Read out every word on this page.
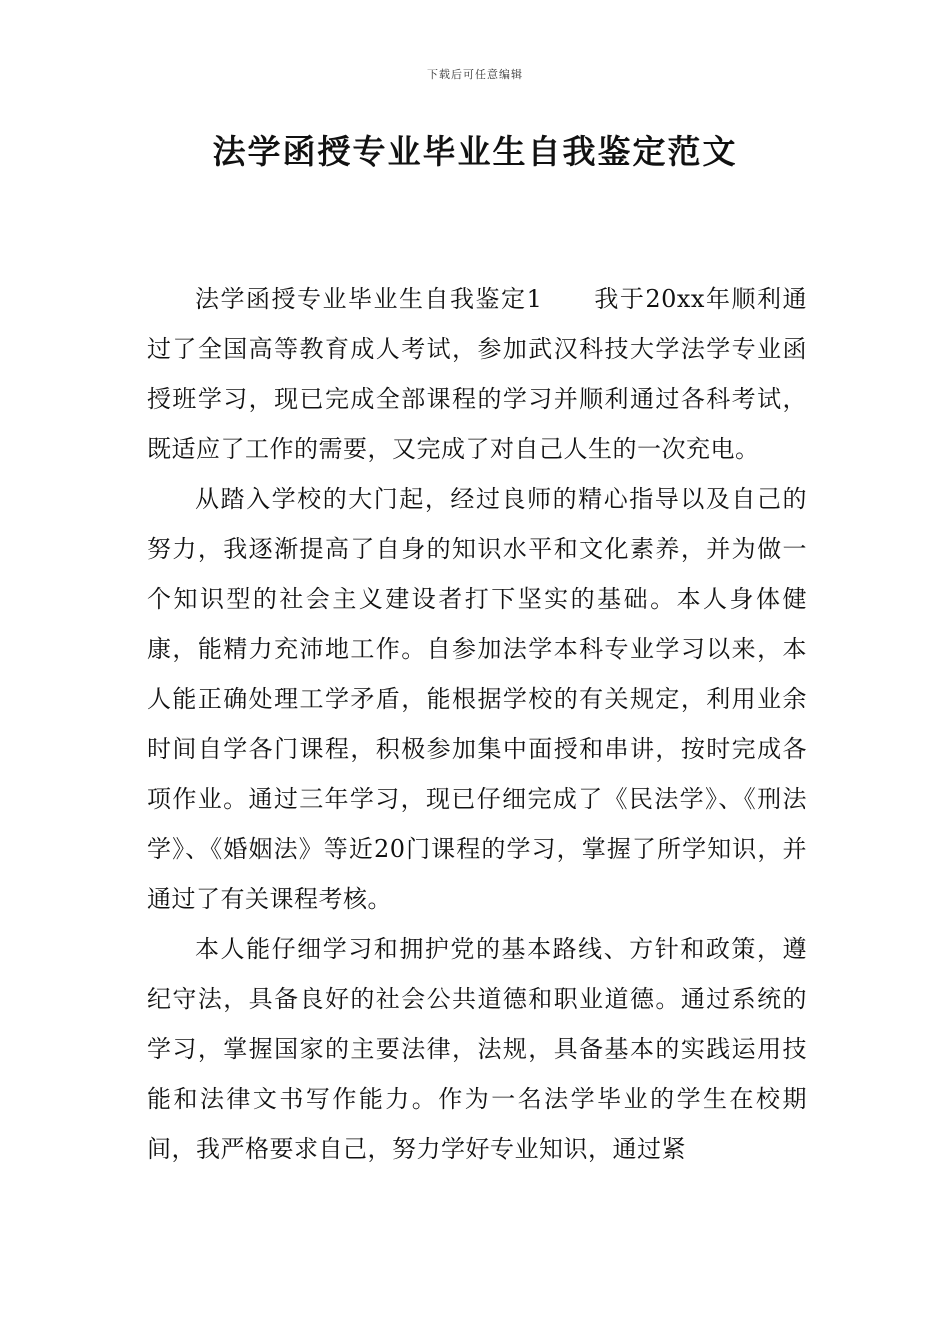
下载后可任意编辑
法学函授专业毕业生自我鉴定范文

法学函授专业毕业生自我鉴定1　　我于20xx年顺利通过了全国高等教育成人考试，参加武汉科技大学法学专业函授班学习，现已完成全部课程的学习并顺利通过各科考试，既适应了工作的需要，又完成了对自己人生的一次充电。

从踏入学校的大门起，经过良师的精心指导以及自己的努力，我逐渐提高了自身的知识水平和文化素养，并为做一个知识型的社会主义建设者打下坚实的基础。本人身体健康，能精力充沛地工作。自参加法学本科专业学习以来，本人能正确处理工学矛盾，能根据学校的有关规定，利用业余时间自学各门课程，积极参加集中面授和串讲，按时完成各项作业。通过三年学习，现已仔细完成了《民法学》、《刑法学》、《婚姻法》等近20门课程的学习，掌握了所学知识，并通过了有关课程考核。

本人能仔细学习和拥护党的基本路线、方针和政策，遵纪守法，具备良好的社会公共道德和职业道德。通过系统的学习，掌握国家的主要法律，法规，具备基本的实践运用技能和法律文书写作能力。作为一名法学毕业的学生在校期间，我严格要求自己，努力学好专业知识，通过紧
